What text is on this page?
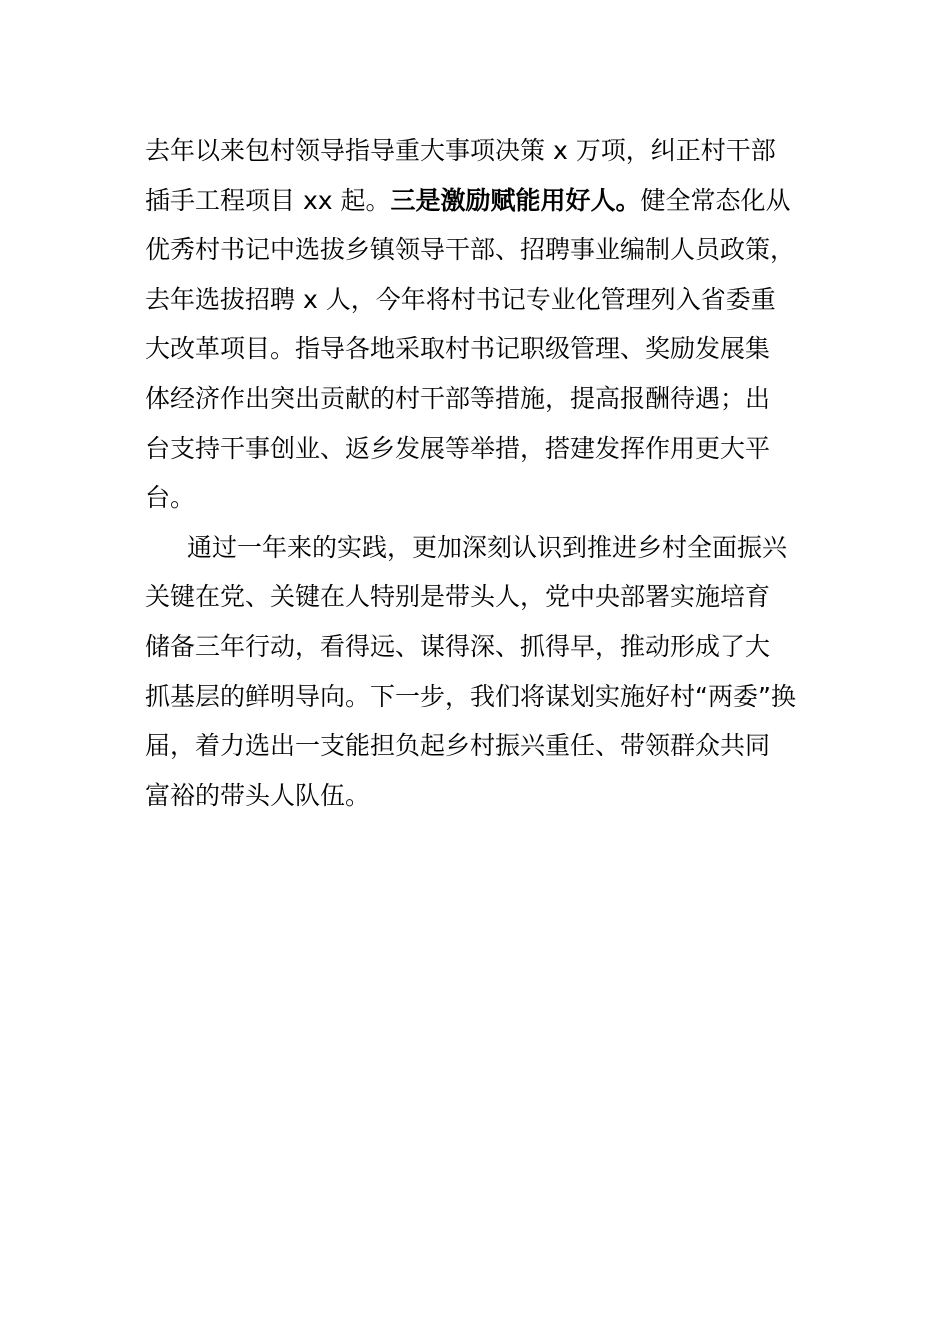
去年以来包村领导指导重大事项决策 x 万项，纠正村干部
插手工程项目 xx 起。三是激励赋能用好人。健全常态化从
优秀村书记中选拔乡镇领导干部、招聘事业编制人员政策，
去年选拔招聘 x 人，今年将村书记专业化管理列入省委重
大改革项目。指导各地采取村书记职级管理、奖励发展集
体经济作出突出贡献的村干部等措施，提高报酬待遇；出
台支持干事创业、返乡发展等举措，搭建发挥作用更大平
台。
通过一年来的实践，更加深刻认识到推进乡村全面振兴
关键在党、关键在人特别是带头人，党中央部署实施培育
储备三年行动，看得远、谋得深、抓得早，推动形成了大
抓基层的鲜明导向。下一步，我们将谋划实施好村“两委”换
届，着力选出一支能担负起乡村振兴重任、带领群众共同
富裕的带头人队伍。
